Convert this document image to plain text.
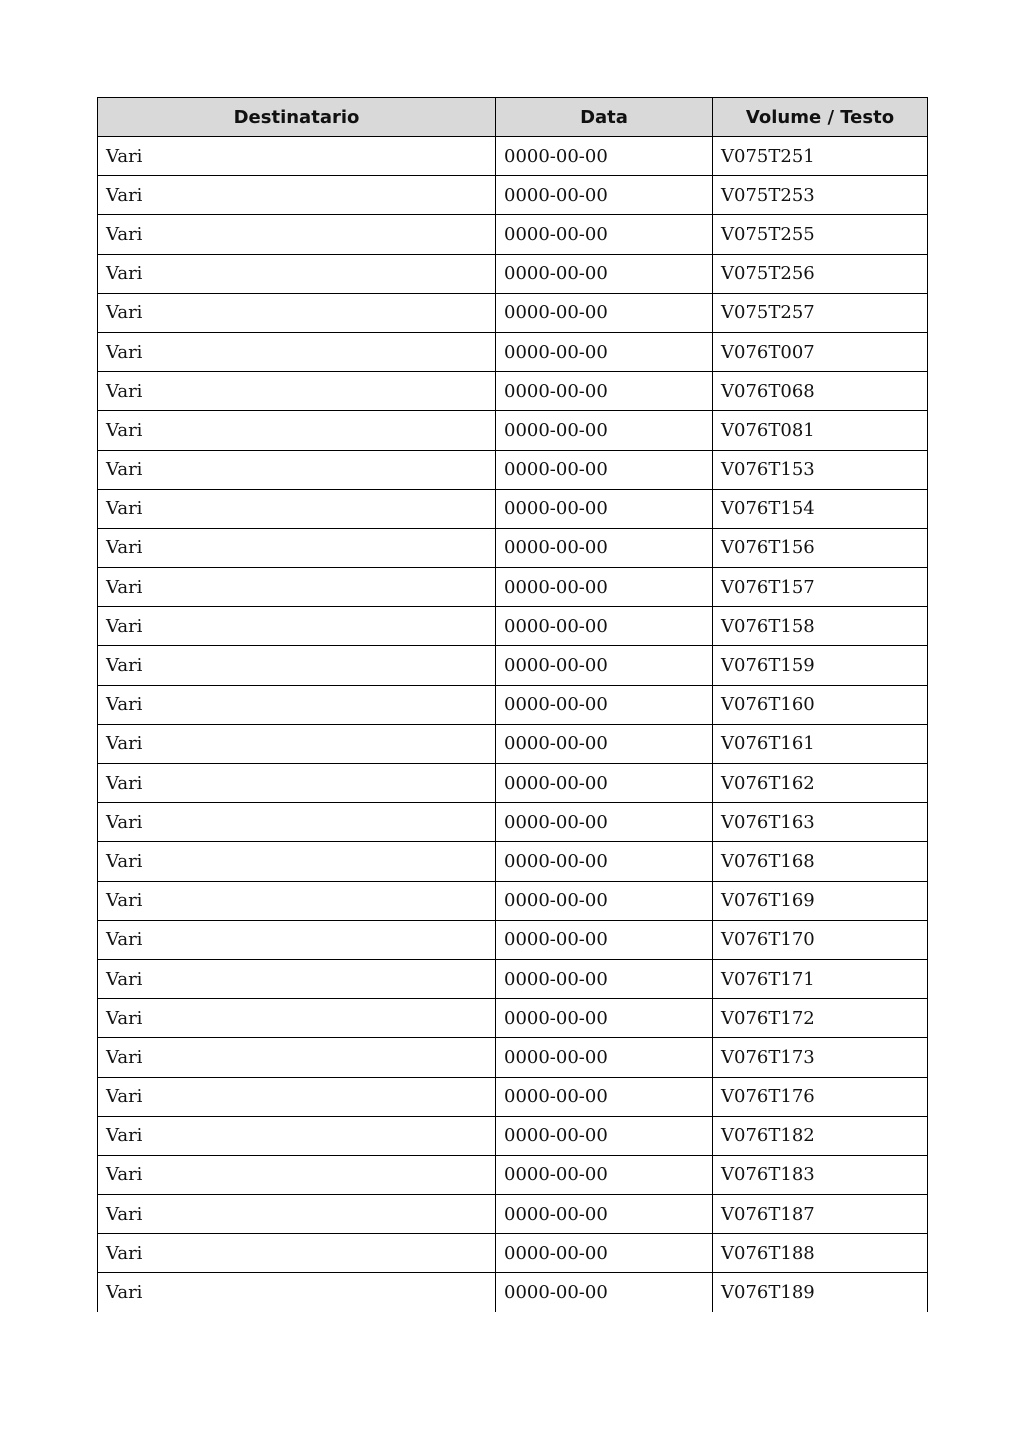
Destinatario	Data	Volume / Testo
Vari	0000-00-00	V075T251
Vari	0000-00-00	V075T253
Vari	0000-00-00	V075T255
Vari	0000-00-00	V075T256
Vari	0000-00-00	V075T257
Vari	0000-00-00	V076T007
Vari	0000-00-00	V076T068
Vari	0000-00-00	V076T081
Vari	0000-00-00	V076T153
Vari	0000-00-00	V076T154
Vari	0000-00-00	V076T156
Vari	0000-00-00	V076T157
Vari	0000-00-00	V076T158
Vari	0000-00-00	V076T159
Vari	0000-00-00	V076T160
Vari	0000-00-00	V076T161
Vari	0000-00-00	V076T162
Vari	0000-00-00	V076T163
Vari	0000-00-00	V076T168
Vari	0000-00-00	V076T169
Vari	0000-00-00	V076T170
Vari	0000-00-00	V076T171
Vari	0000-00-00	V076T172
Vari	0000-00-00	V076T173
Vari	0000-00-00	V076T176
Vari	0000-00-00	V076T182
Vari	0000-00-00	V076T183
Vari	0000-00-00	V076T187
Vari	0000-00-00	V076T188
Vari	0000-00-00	V076T189
